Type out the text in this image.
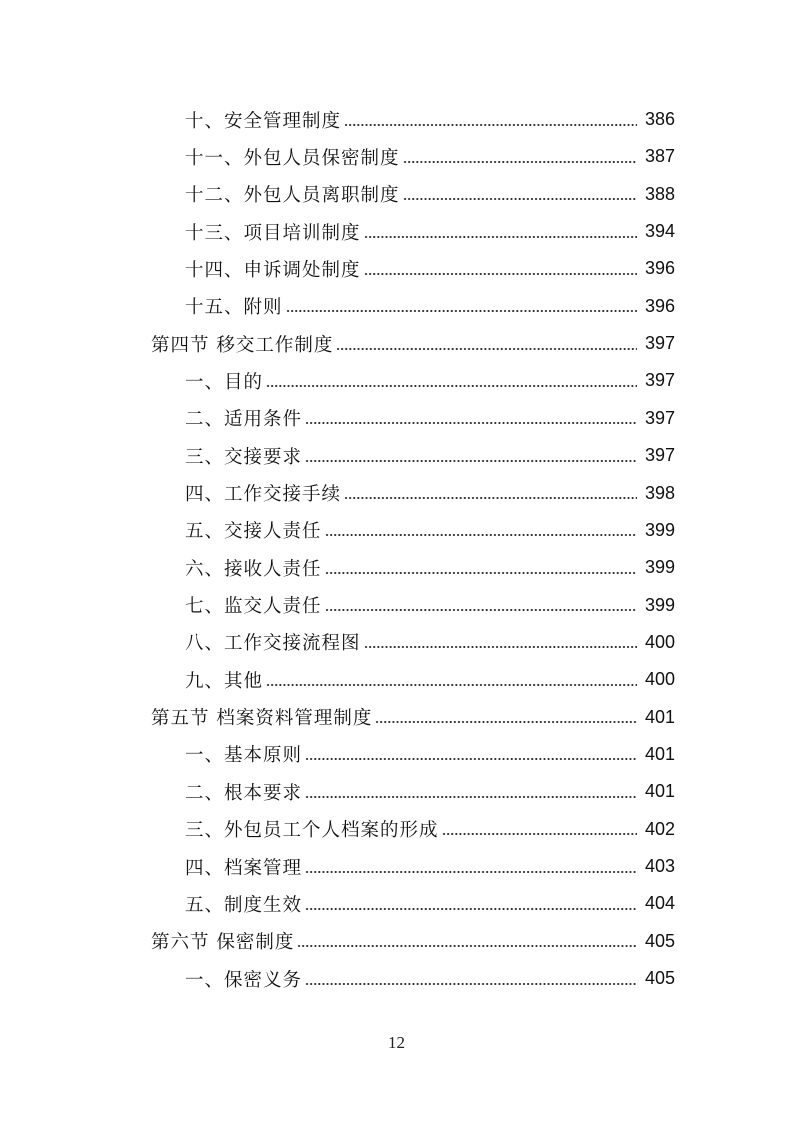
十、安全管理制度	386
十一、外包人员保密制度	387
十二、外包人员离职制度	388
十三、项目培训制度	394
十四、申诉调处制度	396
十五、附则	396
第四节 移交工作制度	397
一、目的	397
二、适用条件	397
三、交接要求	397
四、工作交接手续	398
五、交接人责任	399
六、接收人责任	399
七、监交人责任	399
八、工作交接流程图	400
九、其他	400
第五节 档案资料管理制度	401
一、基本原则	401
二、根本要求	401
三、外包员工个人档案的形成	402
四、档案管理	403
五、制度生效	404
第六节 保密制度	405
一、保密义务	405
12
